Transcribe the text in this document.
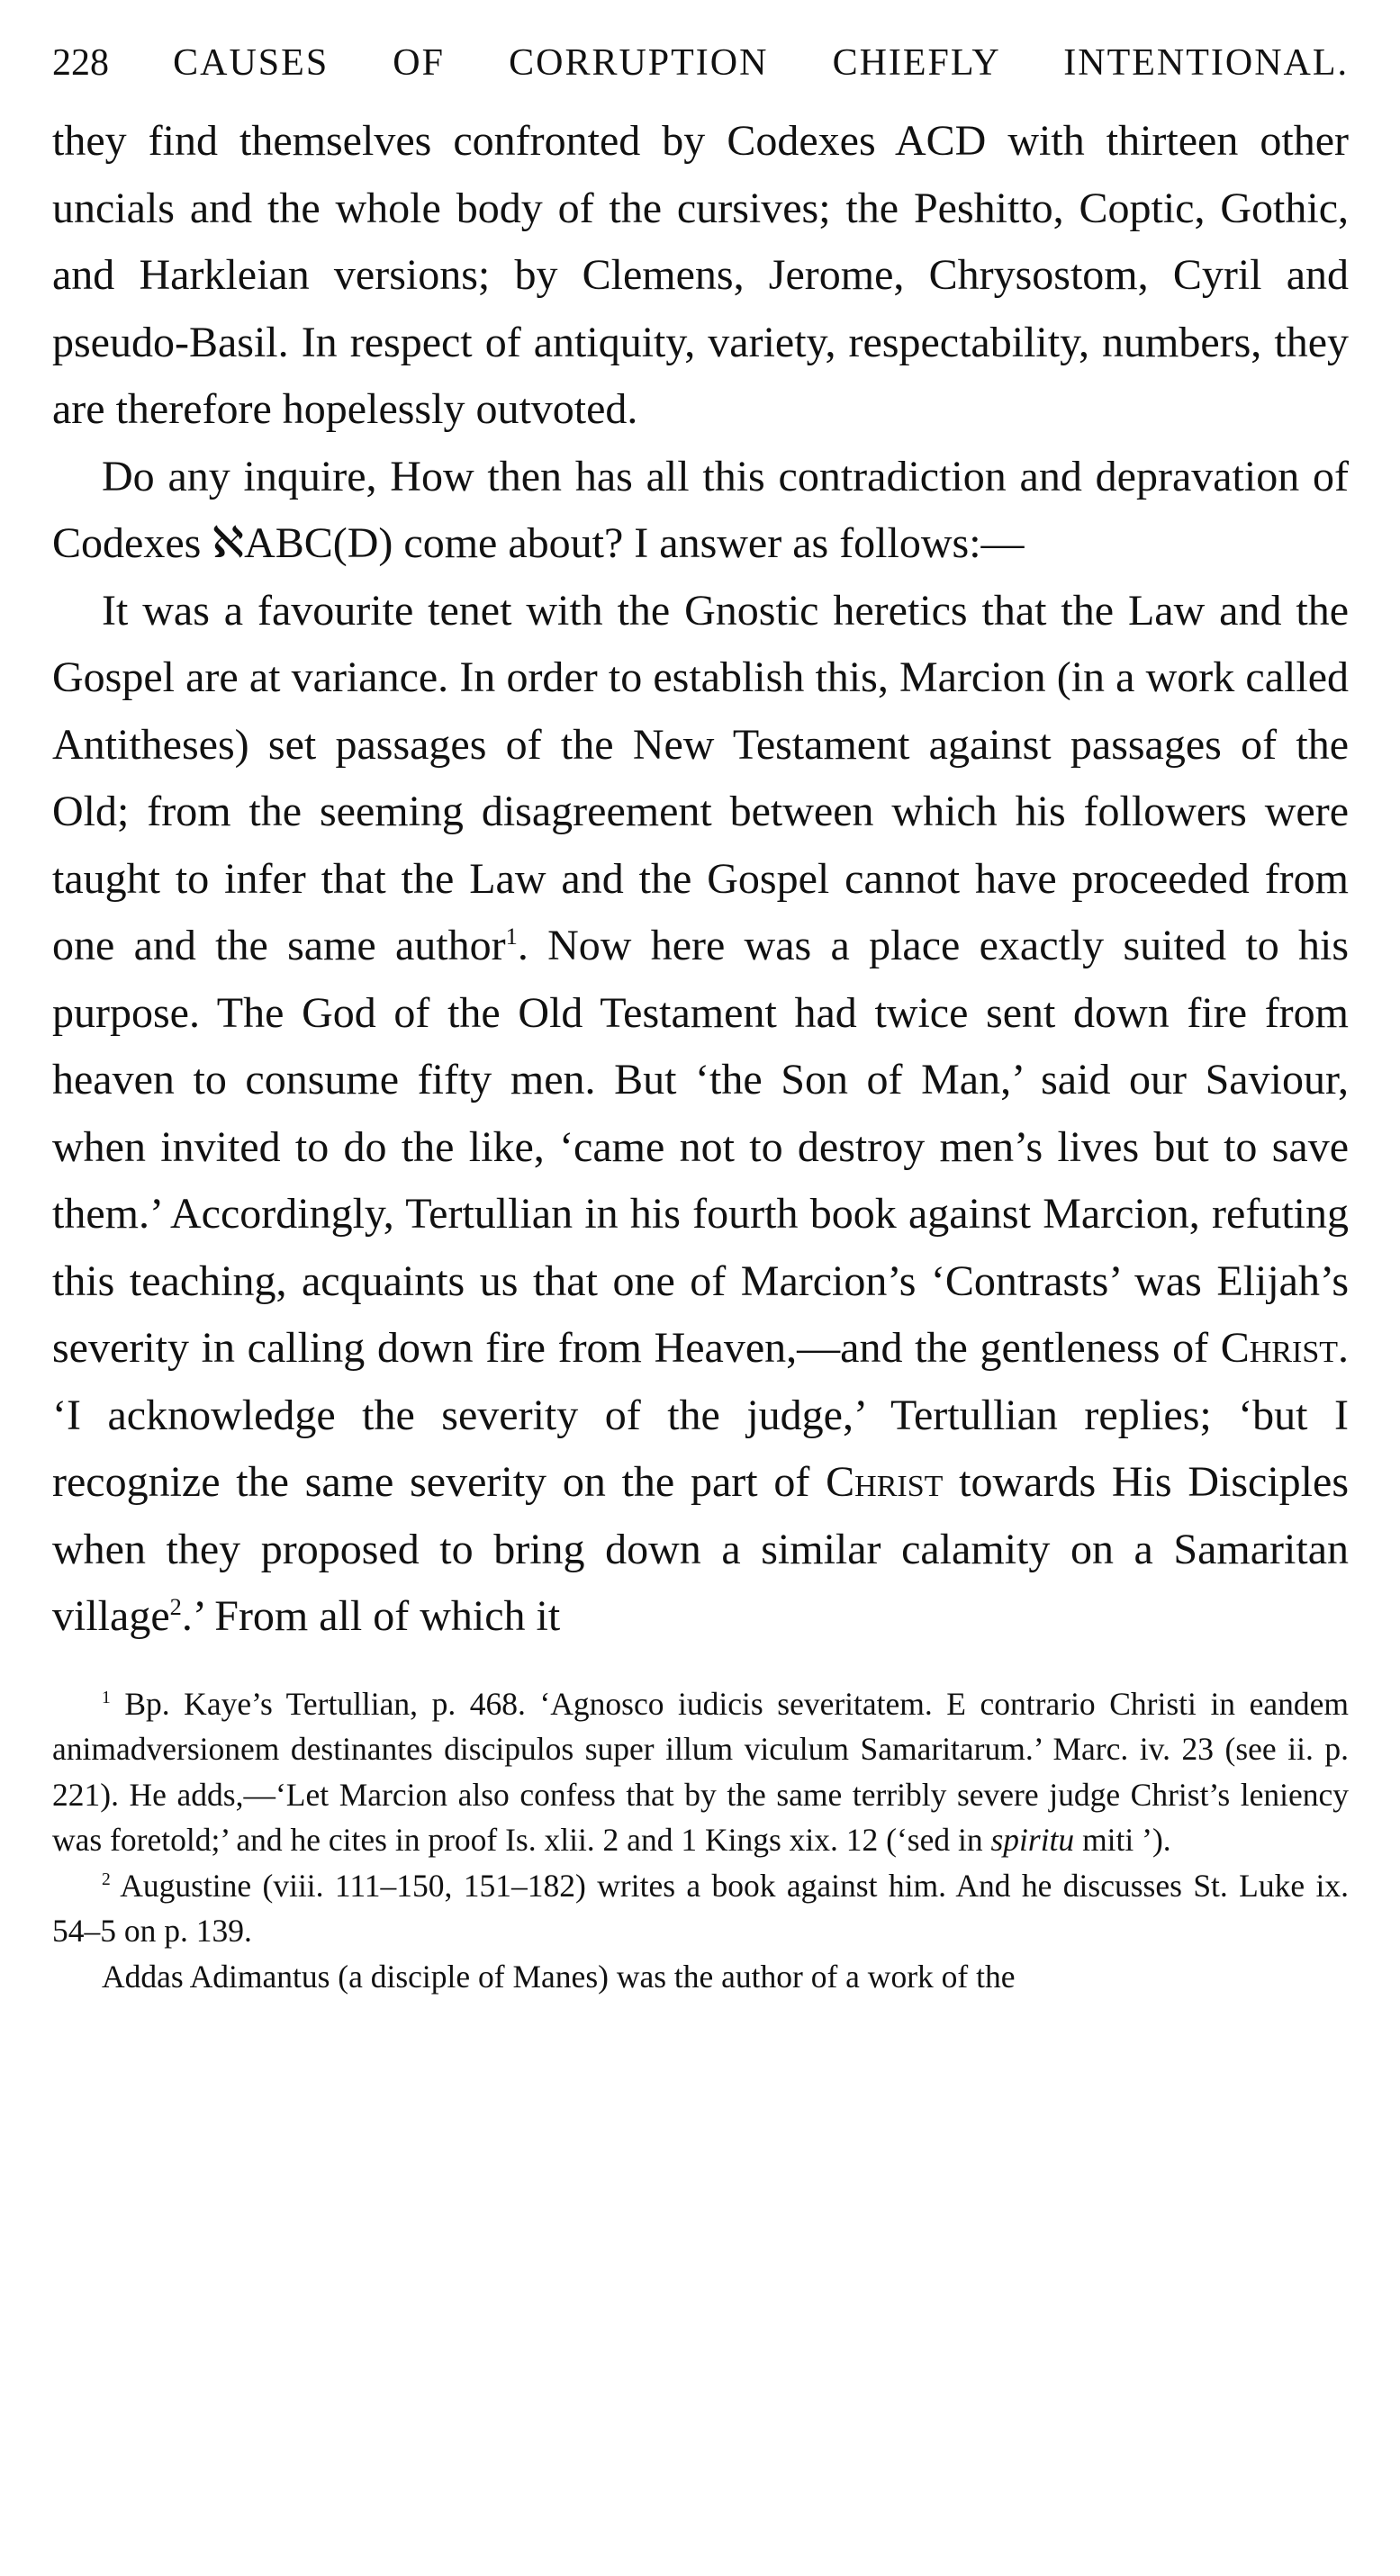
228 CAUSES OF CORRUPTION CHIEFLY INTENTIONAL.

they find themselves confronted by Codexes ACD with thirteen other uncials and the whole body of the cursives; the Peshitto, Coptic, Gothic, and Harkleian versions; by Clemens, Jerome, Chrysostom, Cyril and pseudo-Basil. In respect of antiquity, variety, respectability, numbers, they are therefore hopelessly outvoted.

Do any inquire, How then has all this contradiction and depravation of Codexes ℵABC(D) come about? I answer as follows:—

It was a favourite tenet with the Gnostic heretics that the Law and the Gospel are at variance. In order to establish this, Marcion (in a work called Antitheses) set passages of the New Testament against passages of the Old; from the seeming disagreement between which his followers were taught to infer that the Law and the Gospel cannot have proceeded from one and the same author$^1$. Now here was a place exactly suited to his purpose. The God of the Old Testament had twice sent down fire from heaven to consume fifty men. But ‘the Son of Man,’ said our Saviour, when invited to do the like, ‘came not to destroy men’s lives but to save them.’ Accordingly, Tertullian in his fourth book against Marcion, refuting this teaching, acquaints us that one of Marcion’s ‘Contrasts’ was Elijah’s severity in calling down fire from Heaven,—and the gentleness of Christ. ‘I acknowledge the severity of the judge,’ Tertullian replies; ‘but I recognize the same severity on the part of Christ towards His Disciples when they proposed to bring down a similar calamity on a Samaritan village$^2$.’ From all of which it

$^1$ Bp. Kaye’s Tertullian, p. 468. ‘Agnosco iudicis severitatem. E contrario Christi in eandem animadversionem destinantes discipulos super illum viculum Samaritarum.’ Marc. iv. 23 (see ii. p. 221). He adds,—‘Let Marcion also confess that by the same terribly severe judge Christ’s leniency was foretold;’ and he cites in proof Is. xlii. 2 and 1 Kings xix. 12 (‘sed in spiritu miti ’).

$^2$ Augustine (viii. 111–150, 151–182) writes a book against him. And he discusses St. Luke ix. 54–5 on p. 139.

Addas Adimantus (a disciple of Manes) was the author of a work of the
